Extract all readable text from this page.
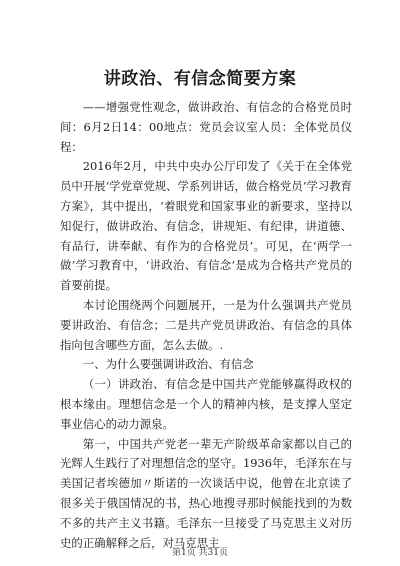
讲政治、有信念简要方案

——增强党性观念，做讲政治、有信念的合格党员时间：6月2日14：00地点：党员会议室人员：全体党员仪程：

2016年2月，中共中央办公厅印发了《关于在全体党员中开展‘学党章党规、学系列讲话，做合格党员’学习教育方案》，其中提出，‘着眼党和国家事业的新要求，坚持以知促行，做讲政治、有信念，讲规矩、有纪律，讲道德、有品行，讲奉献、有作为的合格党员’。可见，在‘两学一做’学习教育中，‘讲政治、有信念’是成为合格共产党员的首要前提。

本讨论围绕两个问题展开，一是为什么强调共产党员要讲政治、有信念；二是共产党员讲政治、有信念的具体指向包含哪些方面，怎么去做。.

一、为什么要强调讲政治、有信念

（一）讲政治、有信念是中国共产党能够赢得政权的根本缘由。理想信念是一个人的精神内核，是支撑人坚定事业信心的动力源泉。

第一，中国共产党老一辈无产阶级革命家都以自己的光辉人生践行了对理想信念的坚守。1936年，毛泽东在与美国记者埃德加〃斯诺的一次谈话中说，他曾在北京读了很多关于俄国情况的书，热心地搜寻那时候能找到的为数不多的共产主义书籍。毛泽东一旦接受了马克思主义对历史的正确解释之后，对马克思主

第1页 共31页
